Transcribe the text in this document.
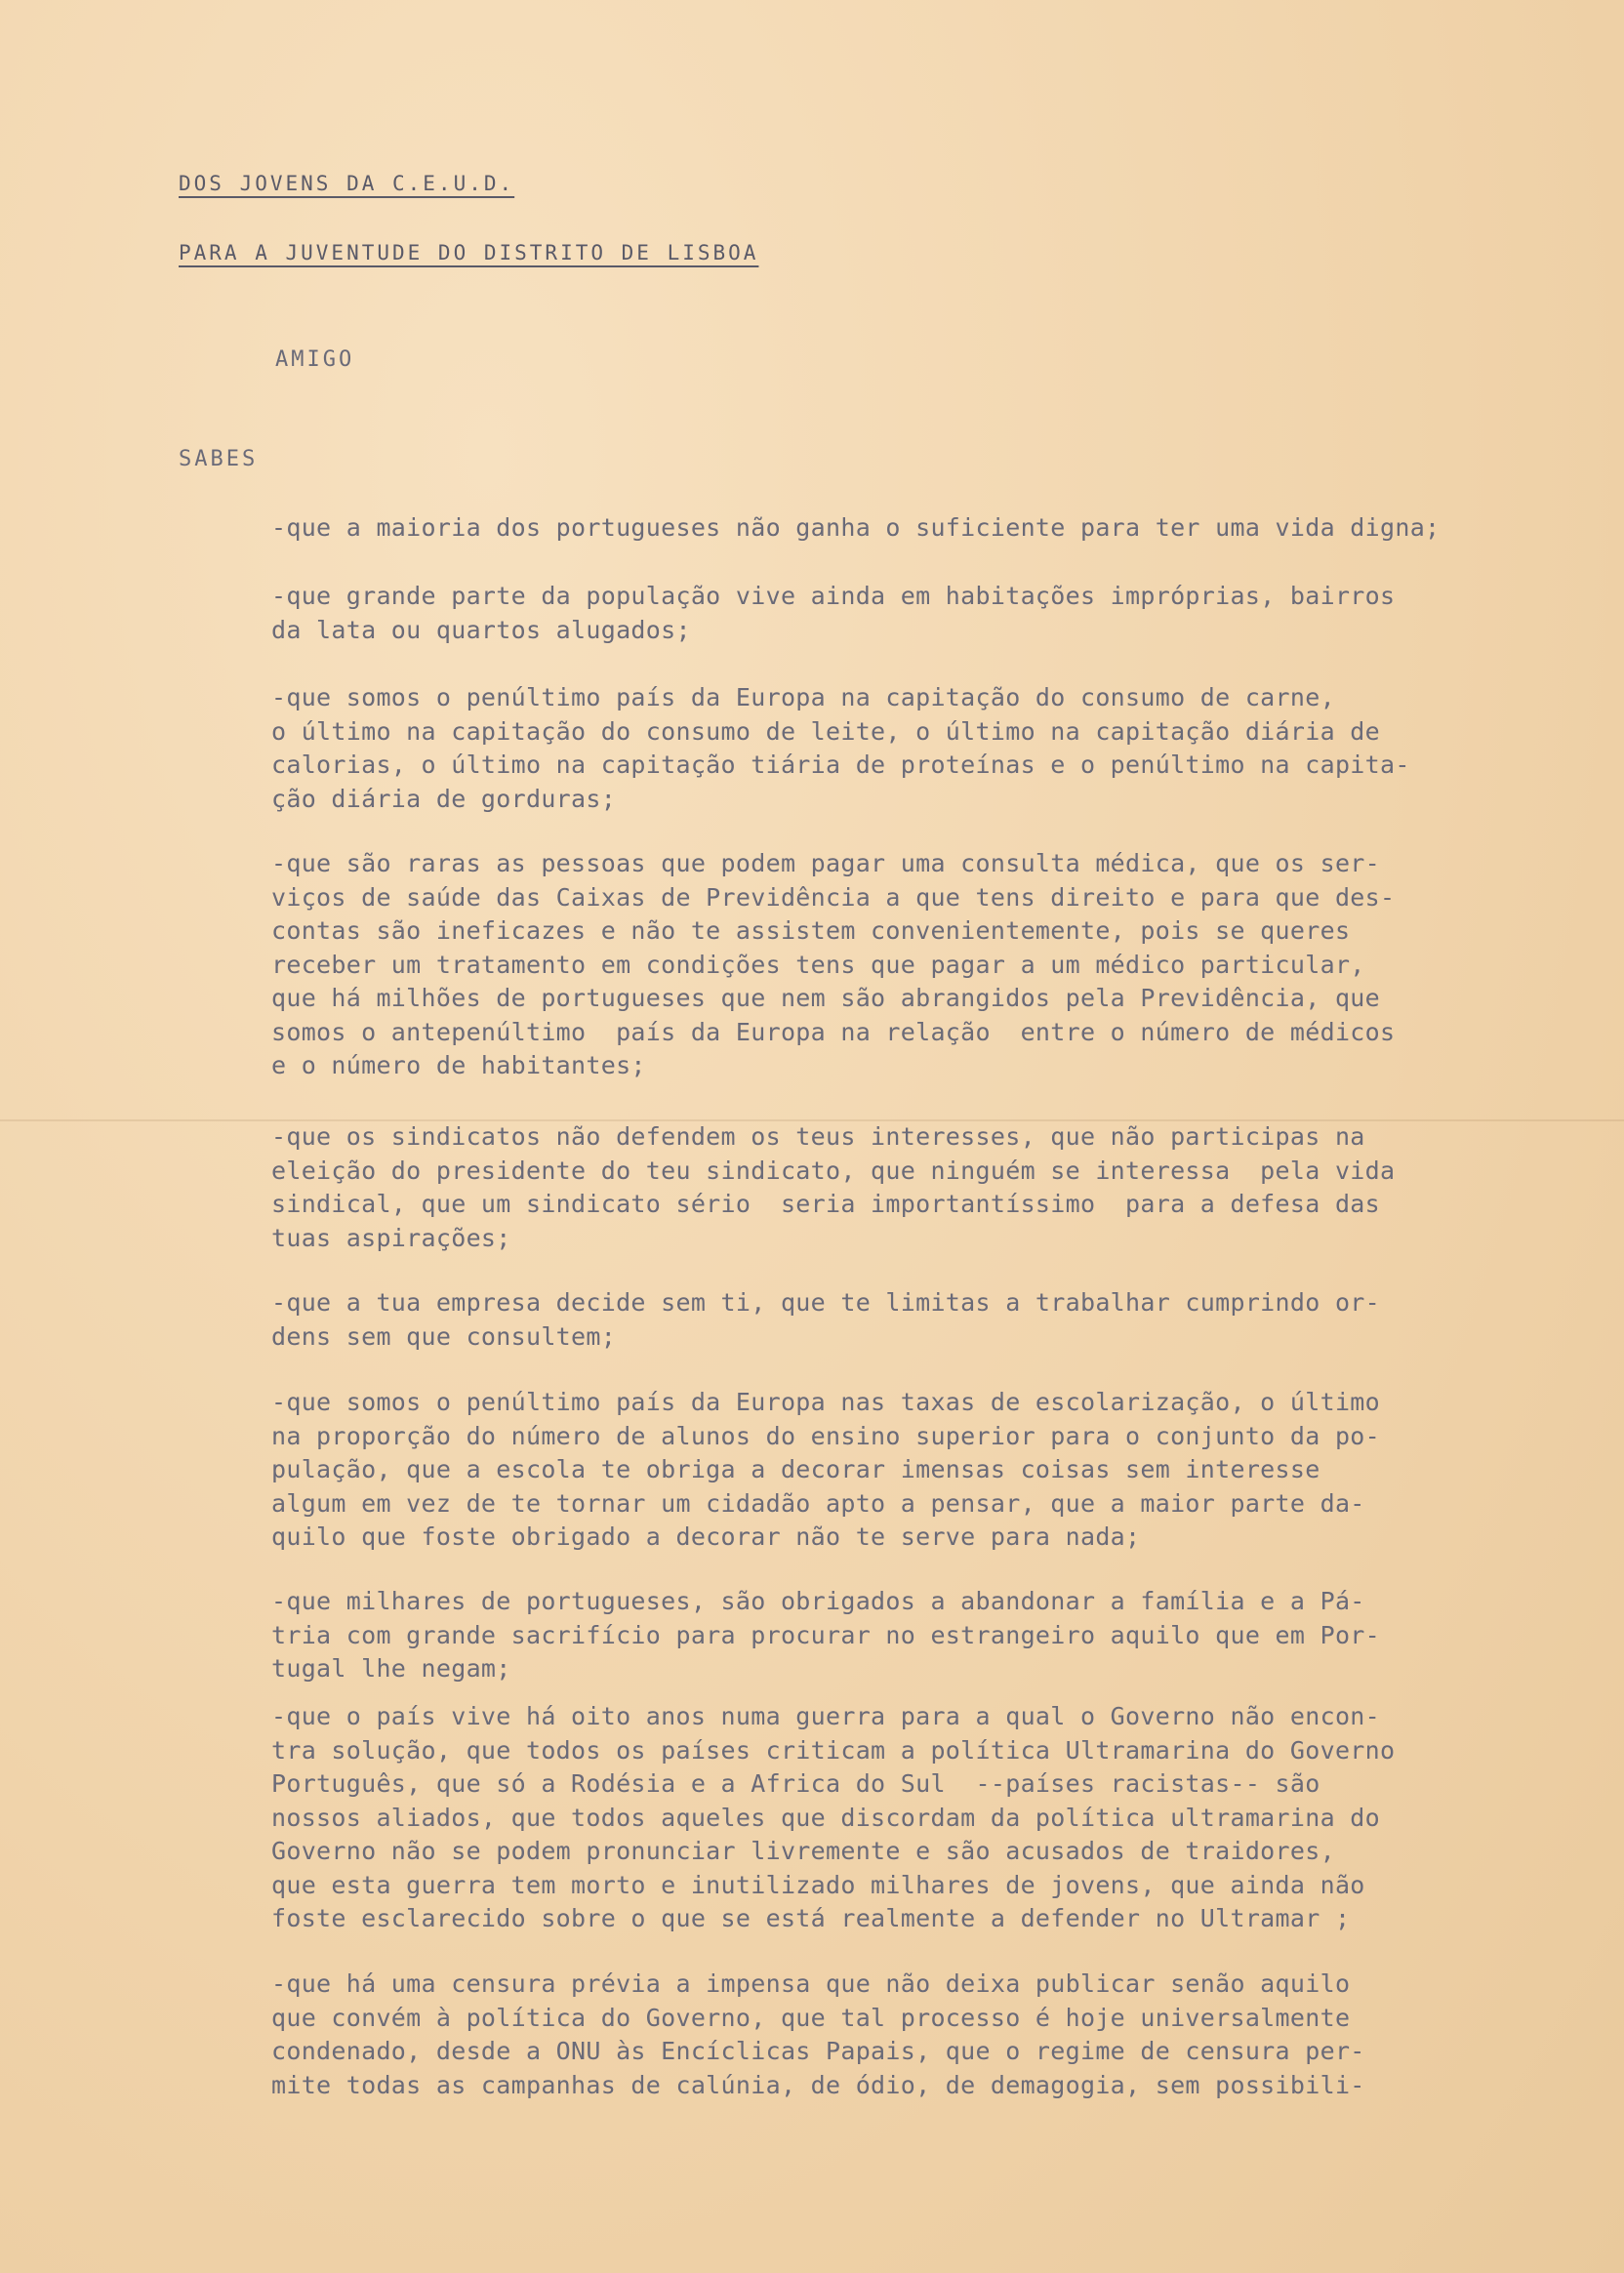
DOS JOVENS DA C.E.U.D.

PARA A JUVENTUDE DO DISTRITO DE LISBOA

AMIGO

SABES

-que a maioria dos portugueses não ganha o suficiente para ter uma vida digna;
-que grande parte da população vive ainda em habitações impróprias, bairros
da lata ou quartos alugados;
-que somos o penúltimo país da Europa na capitação do consumo de carne,
o último na capitação do consumo de leite, o último na capitação diária de
calorias, o último na capitação tiária de proteínas e o penúltimo na capita-
ção diária de gorduras;
-que são raras as pessoas que podem pagar uma consulta médica, que os ser-
viços de saúde das Caixas de Previdência a que tens direito e para que des-
contas são ineficazes e não te assistem convenientemente, pois se queres
receber um tratamento em condições tens que pagar a um médico particular,
que há milhões de portugueses que nem são abrangidos pela Previdência, que
somos o antepenúltimo  país da Europa na relação  entre o número de médicos
e o número de habitantes;
-que os sindicatos não defendem os teus interesses, que não participas na
eleição do presidente do teu sindicato, que ninguém se interessa  pela vida
sindical, que um sindicato sério  seria importantíssimo  para a defesa das
tuas aspirações;
-que a tua empresa decide sem ti, que te limitas a trabalhar cumprindo or-
dens sem que consultem;
-que somos o penúltimo país da Europa nas taxas de escolarização, o último
na proporção do número de alunos do ensino superior para o conjunto da po-
pulação, que a escola te obriga a decorar imensas coisas sem interesse
algum em vez de te tornar um cidadão apto a pensar, que a maior parte da-
quilo que foste obrigado a decorar não te serve para nada;
-que milhares de portugueses, são obrigados a abandonar a família e a Pá-
tria com grande sacrifício para procurar no estrangeiro aquilo que em Por-
tugal lhe negam;
-que o país vive há oito anos numa guerra para a qual o Governo não encon-
tra solução, que todos os países criticam a política Ultramarina do Governo
Português, que só a Rodésia e a Africa do Sul  --países racistas-- são
nossos aliados, que todos aqueles que discordam da política ultramarina do
Governo não se podem pronunciar livremente e são acusados de traidores,
que esta guerra tem morto e inutilizado milhares de jovens, que ainda não
foste esclarecido sobre o que se está realmente a defender no Ultramar ;
-que há uma censura prévia a impensa que não deixa publicar senão aquilo
que convém à política do Governo, que tal processo é hoje universalmente
condenado, desde a ONU às Encíclicas Papais, que o regime de censura per-
mite todas as campanhas de calúnia, de ódio, de demagogia, sem possibili-
